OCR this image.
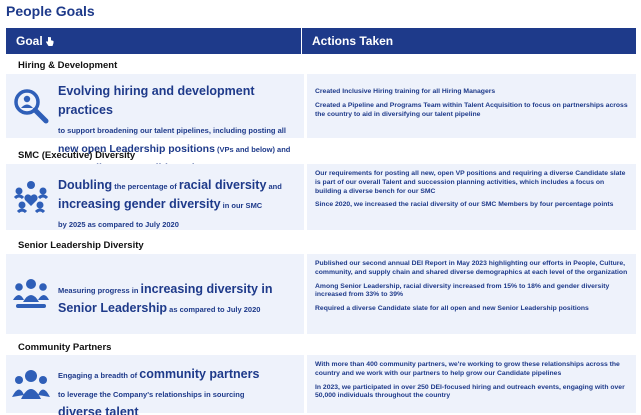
People Goals
Goal	Actions Taken
Hiring & Development
Evolving hiring and development practices
to support broadening our talent pipelines, including posting all
new open Leadership positions (VPs and below) and

Created Inclusive Hiring training for all Hiring Managers

Created a Pipeline and Programs Team within Talent Acquisition to focus on partnerships across the country to aid in diversifying our talent pipeline

SMC (Executive) Diversity
Doubling the percentage of racial diversity and
increasing gender diversity in our SMC
by 2025 as compared to July 2020

Our requirements for posting all new, open VP positions and requiring a diverse Candidate slate is part of our overall Talent and succession planning activities, which includes a focus on building a diverse bench for our SMC

Since 2020, we increased the racial diversity of our SMC Members by four percentage points

Senior Leadership Diversity
Measuring progress in increasing diversity in
Senior Leadership as compared to July 2020

Published our second annual DEI Report in May 2023 highlighting our efforts in People, Culture, community, and supply chain and shared diverse demographics at each level of the organization

Among Senior Leadership, racial diversity increased from 15% to 18% and gender diversity increased from 33% to 39%

Required a diverse Candidate slate for all open and new Senior Leadership positions

Community Partners
Engaging a breadth of community partners
to leverage the Company's relationships in sourcing
diverse talent

With more than 400 community partners, we're working to grow these relationships across the country and we work with our partners to help grow our Candidate pipelines

In 2023, we participated in over 250 DEI-focused hiring and outreach events, engaging with over 50,000 individuals throughout the country
